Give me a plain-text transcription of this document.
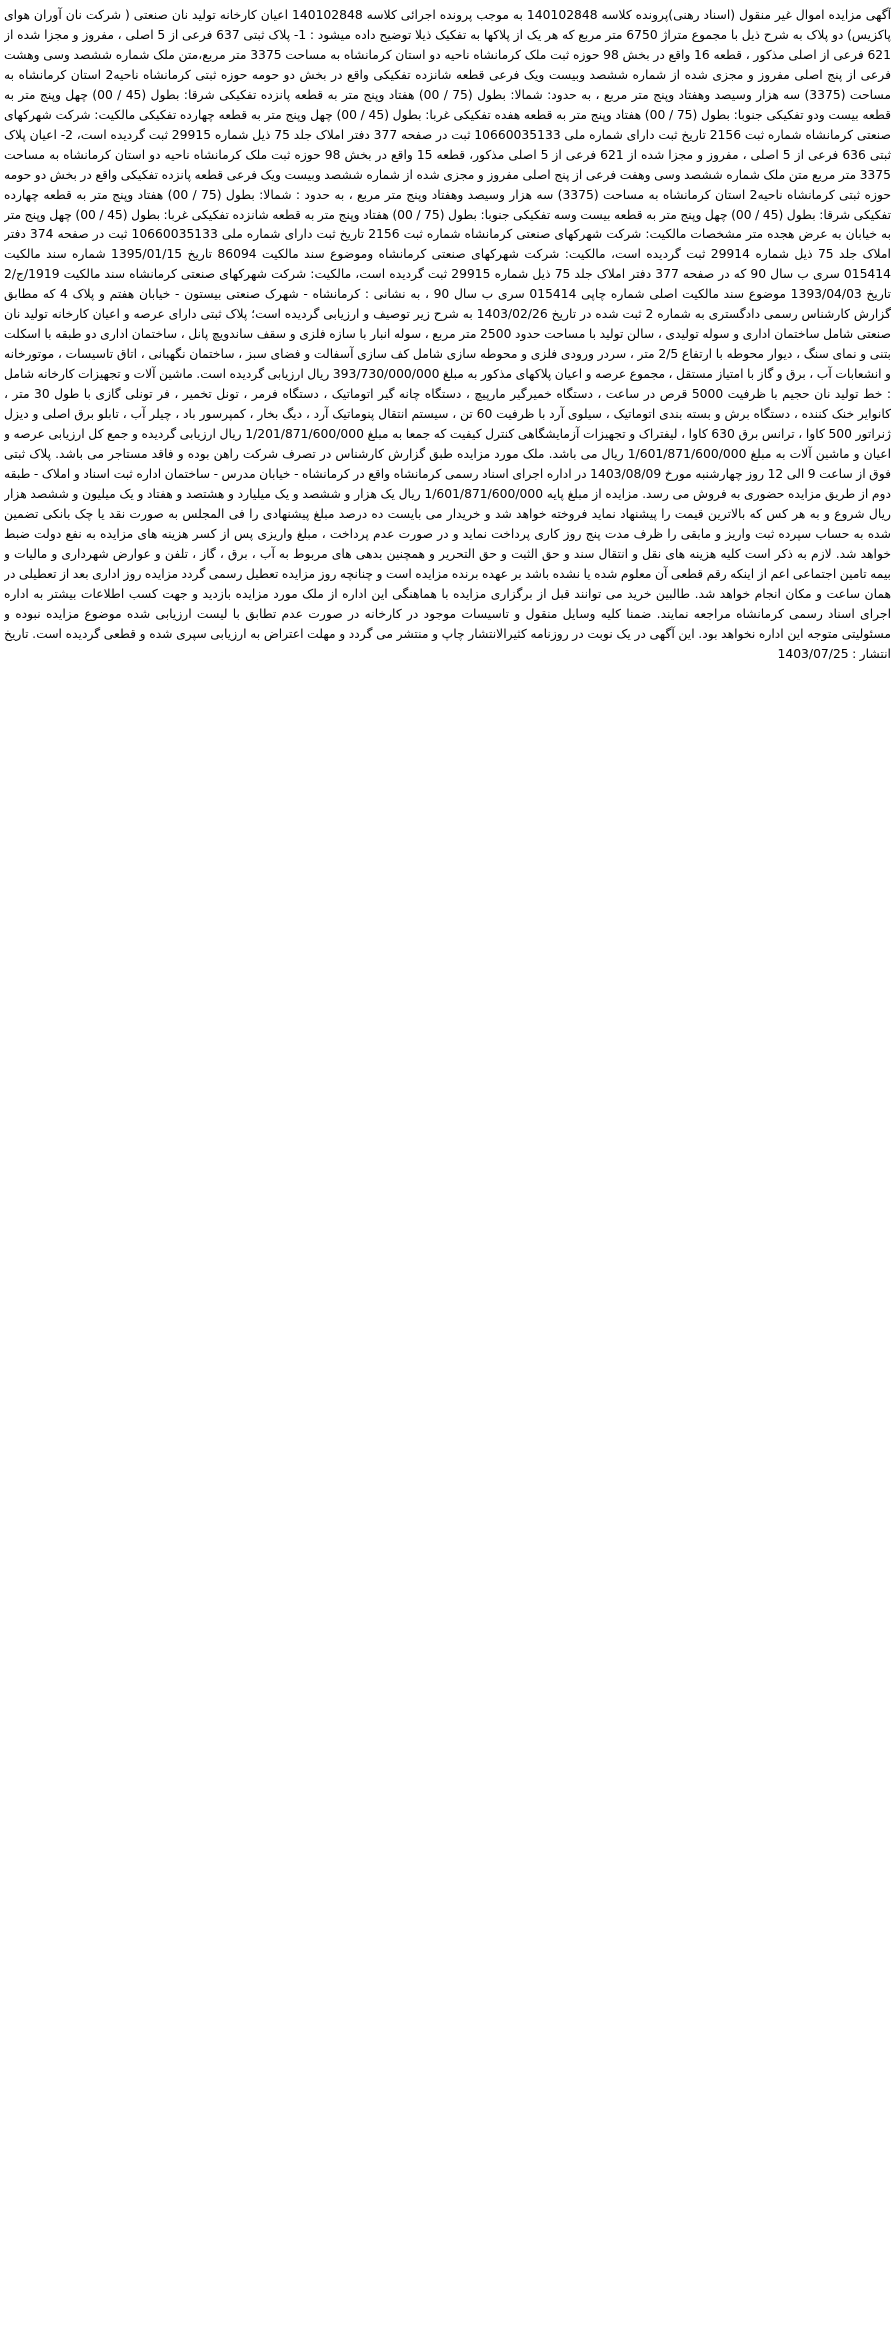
آگهی مزایده اموال غیر منقول (اسناد رهنی)پرونده کلاسه 140102848 به موجب پرونده اجرائی کلاسه 140102848 اعیان کارخانه تولید نان صنعتی ( شرکت نان آوران هوای پاکزیس) دو پلاک به شرح ذیل با مجموع متراژ 6750 متر مربع که هر یک از پلاکها به تفکیک ذیلا توضیح داده میشود : 1- پلاک ثبتی 637 فرعی از 5 اصلی ، مفروز و مجزا شده از 621 فرعی از اصلی مذکور ، قطعه 16 واقع در بخش 98 حوزه ثبت ملک کرمانشاه ناحیه دو استان کرمانشاه به مساحت 3375 متر مربع،متن ملک شماره ششصد وسی وهشت فرعی از پنج اصلی مفروز و مجزی شده از شماره ششصد وبیست ویک فرعی قطعه شانزده تفکیکی واقع در بخش دو حومه حوزه ثبتی کرمانشاه ناحیه2 استان کرمانشاه به مساحت (3375) سه هزار وسیصد وهفتاد وپنج متر مربع ، به حدود: شمالا: بطول (75 / 00) هفتاد وپنج متر به قطعه پانزده تفکیکی شرقا: بطول (45 / 00) چهل وپنج متر به قطعه بیست ودو تفکیکی جنوبا: بطول (75 / 00) هفتاد وپنج متر به قطعه هفده تفکیکی غربا: بطول (45 / 00) چهل وپنج متر به قطعه چهارده تفکیکی مالکیت: شرکت شهرکهای صنعتی کرمانشاه شماره ثبت 2156 تاریخ ثبت دارای شماره ملی 10660035133 ثبت در صفحه 377 دفتر املاک جلد 75 ذیل شماره 29915 ثبت گردیده است، 2- اعیان پلاک ثبتی 636 فرعی از 5 اصلی ، مفروز و مجزا شده از 621 فرعی از 5 اصلی مذکور، قطعه 15 واقع در بخش 98 حوزه ثبت ملک کرمانشاه ناحیه دو استان کرمانشاه به مساحت 3375 متر مربع متن ملک شماره ششصد وسی وهفت فرعی از پنج اصلی مفروز و مجزی شده از شماره ششصد وبیست ویک فرعی قطعه پانزده تفکیکی واقع در بخش دو حومه حوزه ثبتی کرمانشاه ناحیه2 استان کرمانشاه به مساحت (3375) سه هزار وسیصد وهفتاد وپنج متر مربع ، به حدود : شمالا: بطول (75 / 00) هفتاد وپنج متر به قطعه چهارده تفکیکی شرقا: بطول (45 / 00) چهل وپنج متر به قطعه بیست وسه تفکیکی جنوبا: بطول (75 / 00) هفتاد وپنج متر به قطعه شانزده تفکیکی غربا: بطول (45 / 00) چهل وپنج متر به خیابان به عرض هجده متر مشخصات مالکیت: شرکت شهرکهای صنعتی کرمانشاه شماره ثبت 2156 تاریخ ثبت دارای شماره ملی 10660035133 ثبت در صفحه 374 دفتر املاک جلد 75 ذیل شماره 29914 ثبت گردیده است، مالکیت: شرکت شهرکهای صنعتی کرمانشاه وموضوع سند مالکیت 86094 تاریخ 1395/01/15 شماره سند مالکیت 015414 سری ب سال 90 که در صفحه 377 دفتر املاک جلد 75 ذیل شماره 29915 ثبت گردیده است، مالکیت: شرکت شهرکهای صنعتی کرمانشاه سند مالکیت 1919/ج/2 تاریخ 1393/04/03 موضوع سند مالکیت اصلی شماره چاپی 015414 سری ب سال 90 ، به نشانی : کرمانشاه - شهرک صنعتی بیستون - خیابان هفتم و پلاک 4 که مطابق گزارش کارشناس رسمی دادگستری به شماره 2 ثبت شده در تاریخ 1403/02/26 به شرح زیر توصیف و ارزیابی گردیده است؛ پلاک ثبتی دارای عرصه و اعیان کارخانه تولید نان صنعتی شامل ساختمان اداری و سوله تولیدی ، سالن تولید با مساحت حدود 2500 متر مربع ، سوله انبار با سازه فلزی و سقف ساندویچ پانل ، ساختمان اداری دو طبقه با اسکلت بتنی و نمای سنگ ، دیوار محوطه با ارتفاع 2/5 متر ، سردر ورودی فلزی و محوطه سازی شامل کف سازی آسفالت و فضای سبز ، ساختمان نگهبانی ، اتاق تاسیسات ، موتورخانه و انشعابات آب ، برق و گاز با امتیاز مستقل ، مجموع عرصه و اعیان پلاکهای مذکور به مبلغ 393/730/000/000 ریال ارزیابی گردیده است. ماشین آلات و تجهیزات کارخانه شامل : خط تولید نان حجیم با ظرفیت 5000 قرص در ساعت ، دستگاه خمیرگیر مارپیچ ، دستگاه چانه گیر اتوماتیک ، دستگاه فرمر ، تونل تخمیر ، فر تونلی گازی با طول 30 متر ، کانوایر خنک کننده ، دستگاه برش و بسته بندی اتوماتیک ، سیلوی آرد با ظرفیت 60 تن ، سیستم انتقال پنوماتیک آرد ، دیگ بخار ، کمپرسور باد ، چیلر آب ، تابلو برق اصلی و دیزل ژنراتور 500 کاوا ، ترانس برق 630 کاوا ، لیفتراک و تجهیزات آزمایشگاهی کنترل کیفیت که جمعا به مبلغ 1/201/871/600/000 ریال ارزیابی گردیده و جمع کل ارزیابی عرصه و اعیان و ماشین آلات به مبلغ 1/601/871/600/000 ریال می باشد. ملک مورد مزایده طبق گزارش کارشناس در تصرف شرکت راهن بوده و فاقد مستاجر می باشد. پلاک ثبتی فوق از ساعت 9 الی 12 روز چهارشنبه مورخ 1403/08/09 در اداره اجرای اسناد رسمی کرمانشاه واقع در کرمانشاه - خیابان مدرس - ساختمان اداره ثبت اسناد و املاک - طبقه دوم از طریق مزایده حضوری به فروش می رسد. مزایده از مبلغ پایه 1/601/871/600/000 ریال یک هزار و ششصد و یک میلیارد و هشتصد و هفتاد و یک میلیون و ششصد هزار ریال شروع و به هر کس که بالاترین قیمت را پیشنهاد نماید فروخته خواهد شد و خریدار می بایست ده درصد مبلغ پیشنهادی را فی المجلس به صورت نقد یا چک بانکی تضمین شده به حساب سپرده ثبت واریز و مابقی را ظرف مدت پنج روز کاری پرداخت نماید و در صورت عدم پرداخت ، مبلغ واریزی پس از کسر هزینه های مزایده به نفع دولت ضبط خواهد شد. لازم به ذکر است کلیه هزینه های نقل و انتقال سند و حق الثبت و حق التحریر و همچنین بدهی های مربوط به آب ، برق ، گاز ، تلفن و عوارض شهرداری و مالیات و بیمه تامین اجتماعی اعم از اینکه رقم قطعی آن معلوم شده یا نشده باشد بر عهده برنده مزایده است و چنانچه روز مزایده تعطیل رسمی گردد مزایده روز اداری بعد از تعطیلی در همان ساعت و مکان انجام خواهد شد. طالبین خرید می توانند قبل از برگزاری مزایده با هماهنگی این اداره از ملک مورد مزایده بازدید و جهت کسب اطلاعات بیشتر به اداره اجرای اسناد رسمی کرمانشاه مراجعه نمایند. ضمنا کلیه وسایل منقول و تاسیسات موجود در کارخانه در صورت عدم تطابق با لیست ارزیابی شده موضوع مزایده نبوده و مسئولیتی متوجه این اداره نخواهد بود. این آگهی در یک نوبت در روزنامه کثیرالانتشار چاپ و منتشر می گردد و مهلت اعتراض به ارزیابی سپری شده و قطعی گردیده است. تاریخ انتشار : 1403/07/25
